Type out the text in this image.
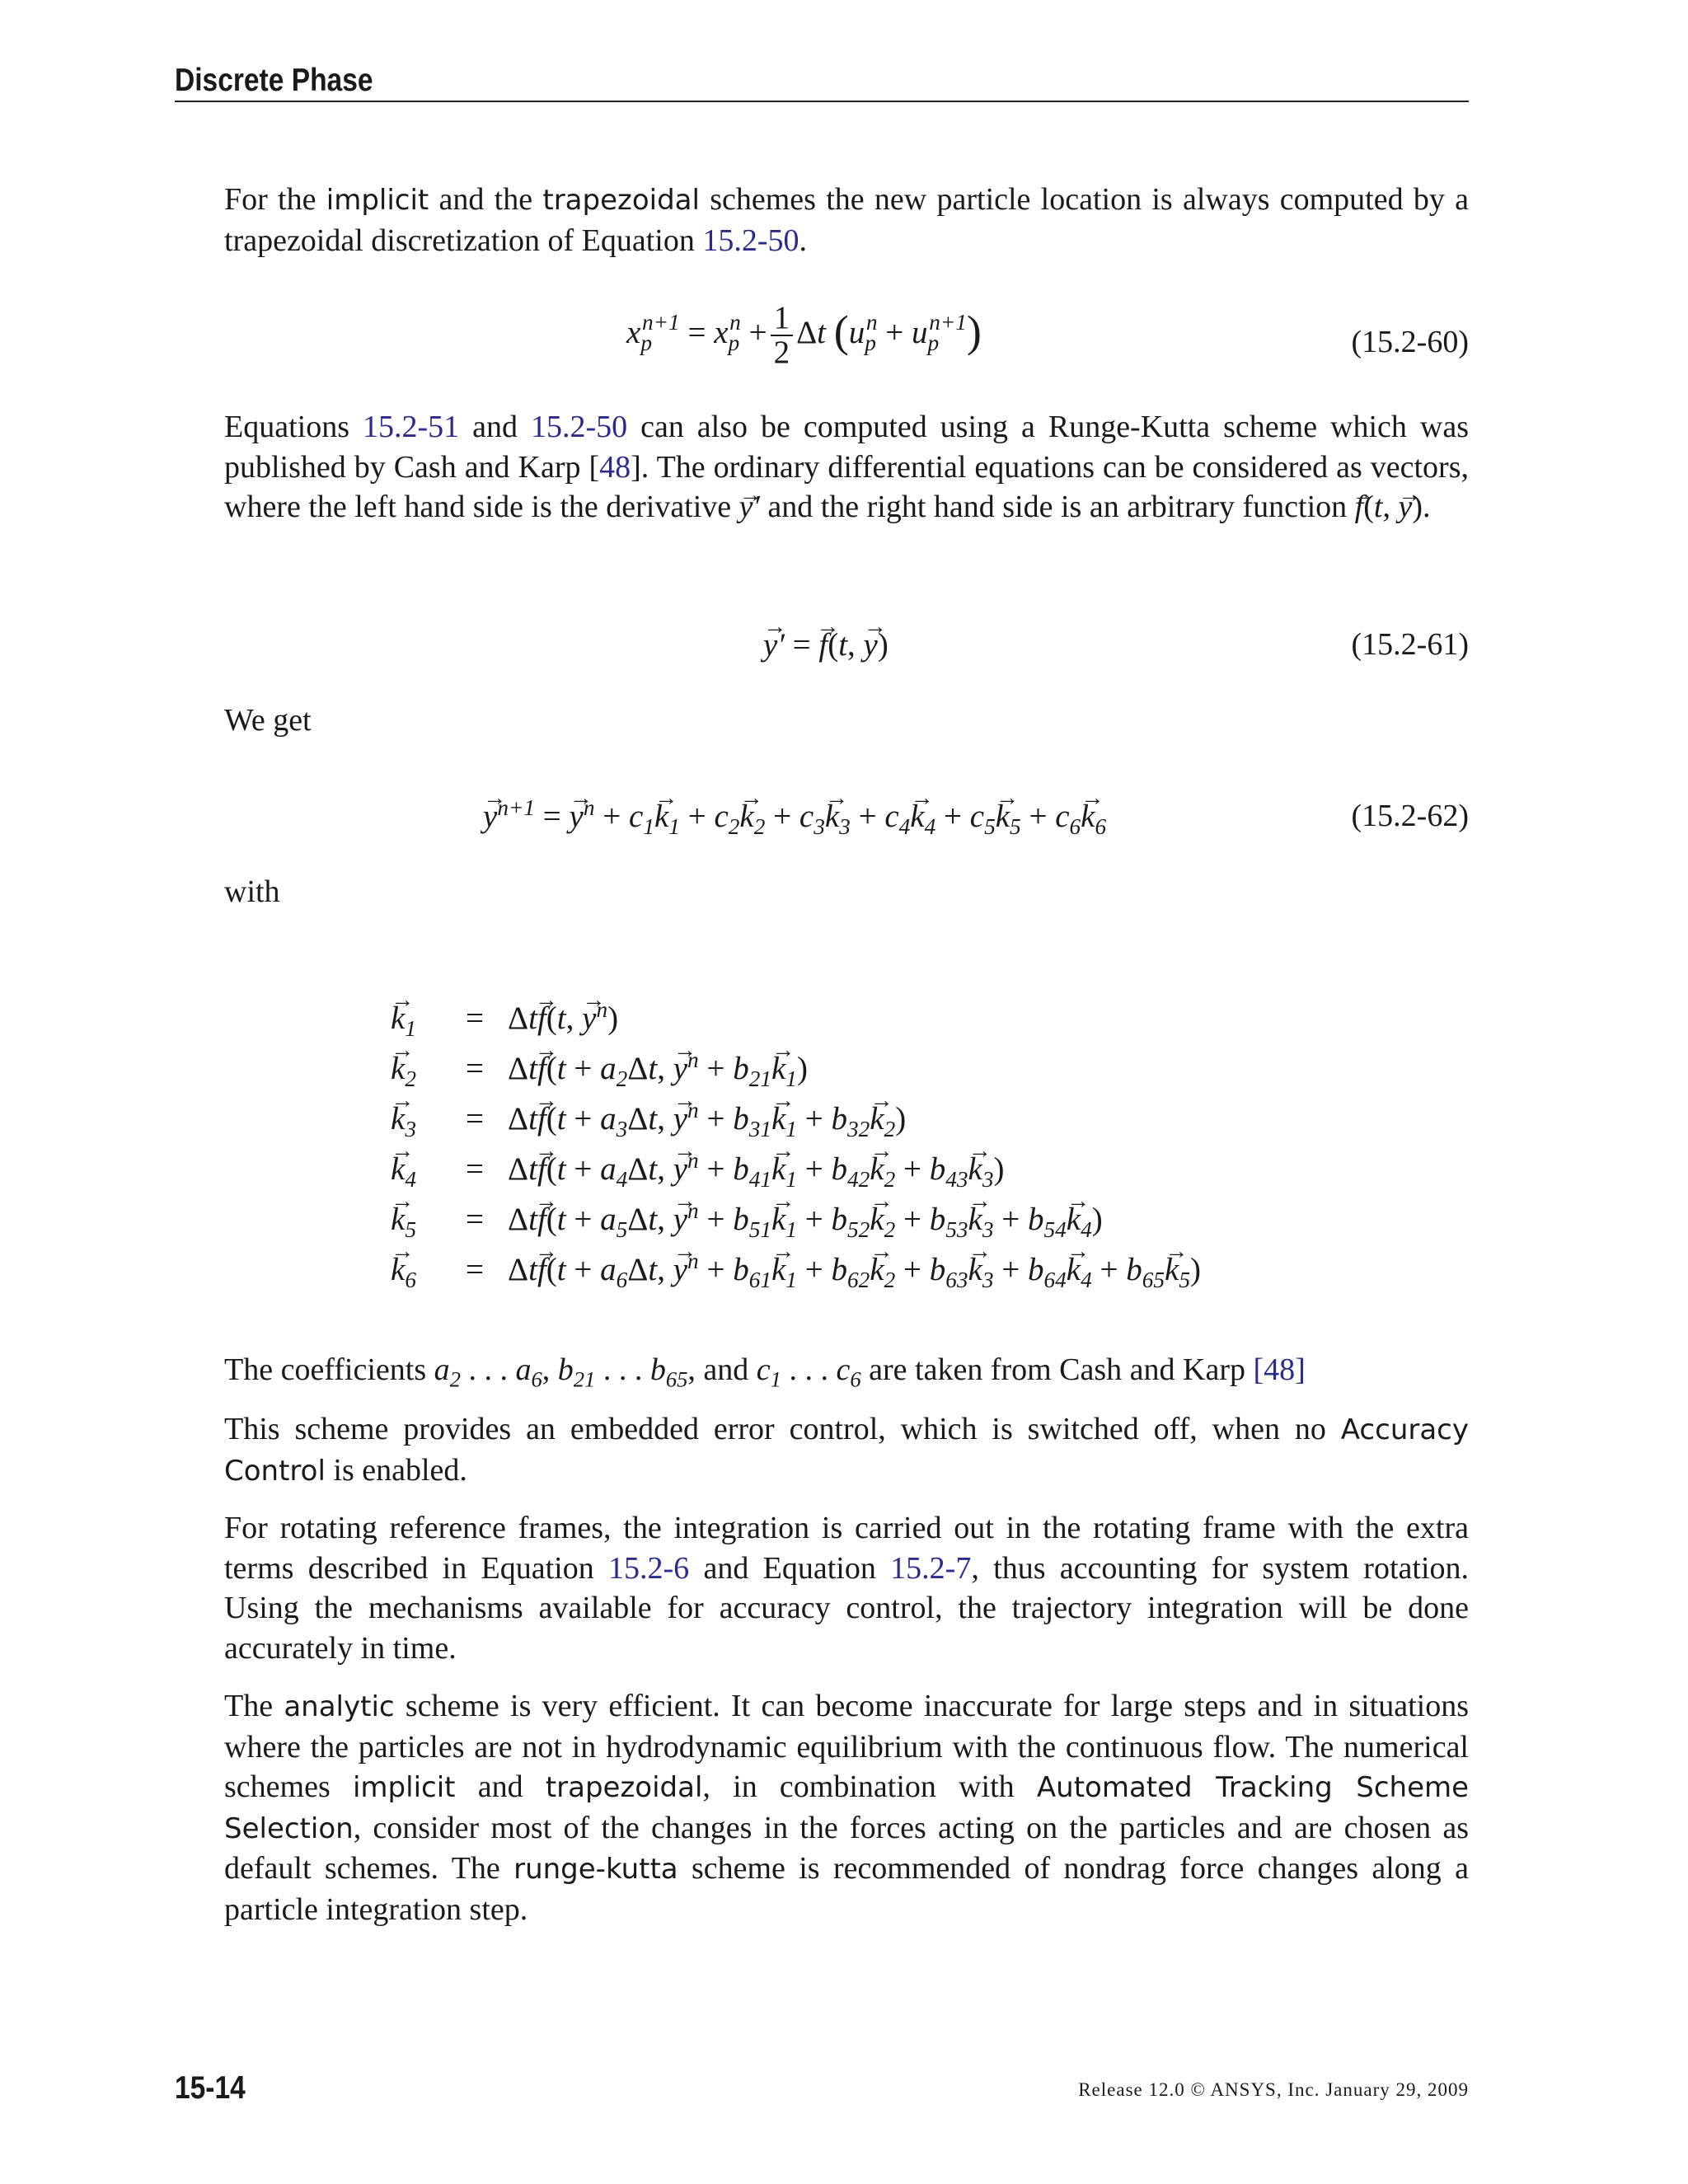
Discrete Phase
For the implicit and the trapezoidal schemes the new particle location is always computed by a trapezoidal discretization of Equation 15.2-50.
$x_p^{n+1} = x_p^n + \frac{1}{2}$ Δt $(u_p^n + u_p^{n+1})$	(15.2-60)
Equations 15.2-51 and 15.2-50 can also be computed using a Runge-Kutta scheme which was published by Cash and Karp [48]. The ordinary differential equations can be considered as vectors, where the left hand side is the derivative → y′ and the right hand side is an arbitrary function → f(t, → y).
→ y′ = → f(t, → y)	(15.2-61)
We get
→ $y^{n+1}$ = → $y^n + c_1\to k_1 + c_2\to k_2 + c_3\to k_3 + c_4\to k_4 + c_5\to k_5 + c_6\to k_6$	(15.2-62)
with
→ $k_1$	=	Δt→ f(t, → $y^n$)
→ $k_2$	=	$\Delta t\to f(t + a_2\Delta t$, → $y^n + b_{21}\to k_1$)
→ $k_3$	=	$\Delta t\to f(t + a_3\Delta t$, → $y^n + b_{31}\to k_1 + b_{32}\to k_2$)
→ $k_4$	=	$\Delta t\to f(t + a_4\Delta t$, → $y^n + b_{41}\to k_1 + b_{42}\to k_2 + b_{43}\to k_3$)
→ $k_5$	=	$\Delta t\to f(t + a_5\Delta t$, → $y^n + b_{51}\to k_1 + b_{52}\to k_2 + b_{53}\to k_3 + b_{54}\to k_4$)
→ $k_6$	=	$\Delta t\to f(t + a_6\Delta t$, → $y^n + b_{61}\to k_1 + b_{62}\to k_2 + b_{63}\to k_3 + b_{64}\to k_4 + b_{65}\to k_5$)
The coefficients $a_2$ . . . $a_6$, $b_{21}$ . . . $b_{65}$, and $c_1$ . . . $c_6$ are taken from Cash and Karp [48]
This scheme provides an embedded error control, which is switched off, when no Accuracy Control is enabled.
For rotating reference frames, the integration is carried out in the rotating frame with the extra terms described in Equation 15.2-6 and Equation 15.2-7, thus accounting for system rotation. Using the mechanisms available for accuracy control, the trajectory integration will be done accurately in time.
The analytic scheme is very efficient. It can become inaccurate for large steps and in situations where the particles are not in hydrodynamic equilibrium with the continuous flow. The numerical schemes implicit and trapezoidal, in combination with Automated Tracking Scheme Selection, consider most of the changes in the forces acting on the particles and are chosen as default schemes. The runge-kutta scheme is recommended of nondrag force changes along a particle integration step.
15-14	Release 12.0 © ANSYS, Inc. January 29, 2009
